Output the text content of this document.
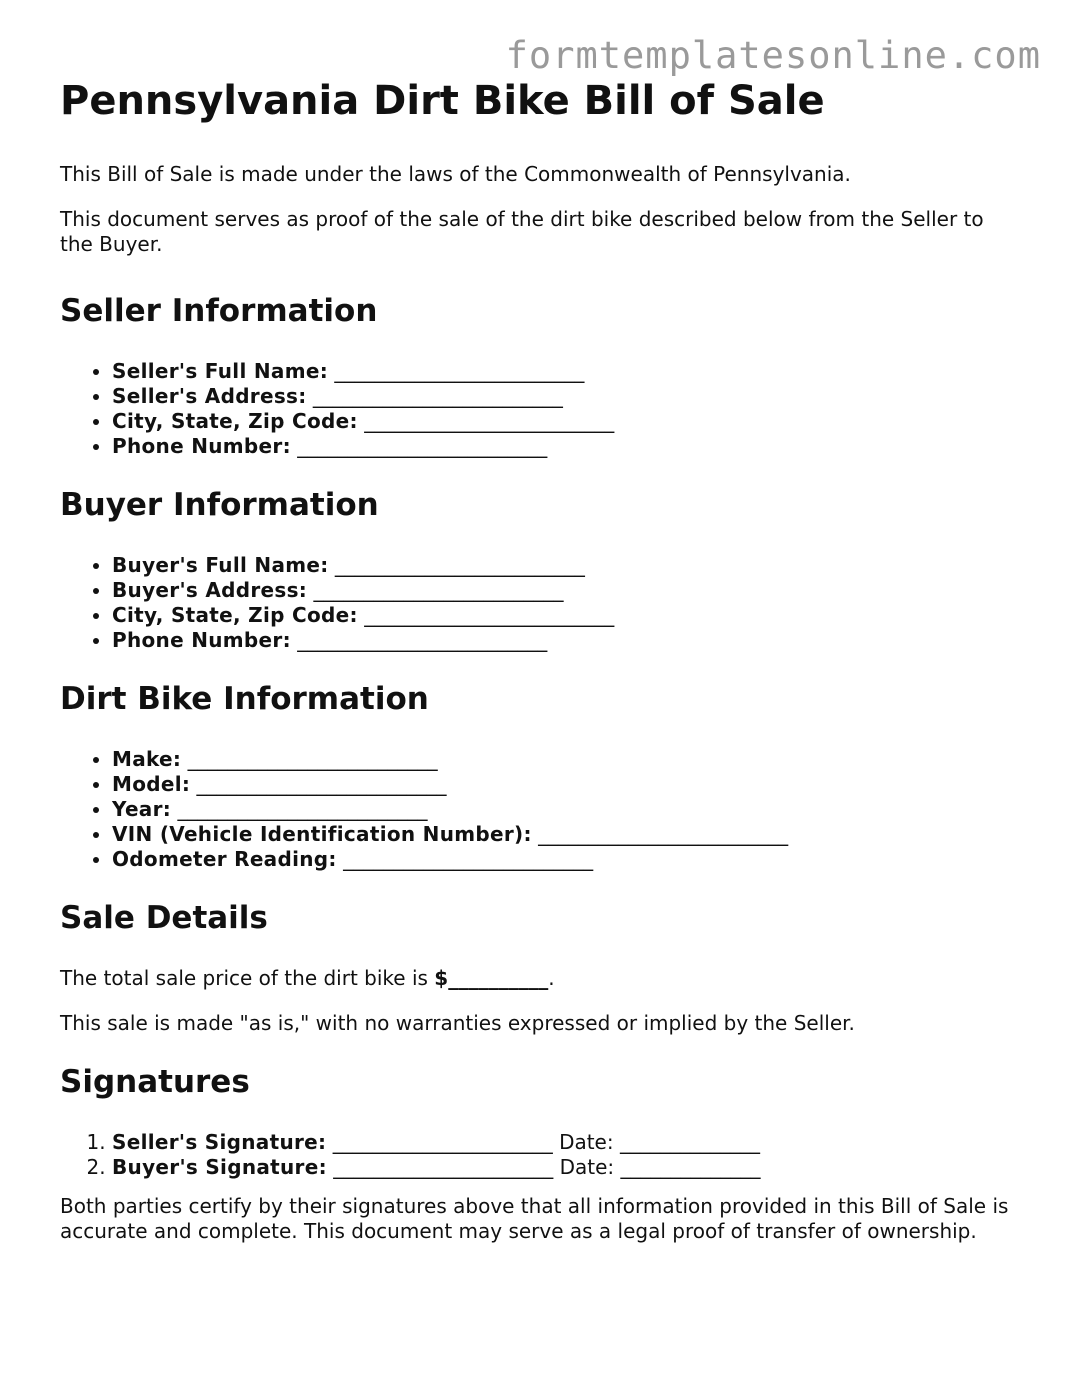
formtemplatesonline.com
Pennsylvania Dirt Bike Bill of Sale

This Bill of Sale is made under the laws of the Commonwealth of Pennsylvania.

This document serves as proof of the sale of the dirt bike described below from the Seller to the Buyer.

Seller Information
• Seller's Full Name: _________________________
• Seller's Address: _________________________
• City, State, Zip Code: _________________________
• Phone Number: _________________________
Buyer Information
• Buyer's Full Name: _________________________
• Buyer's Address: _________________________
• City, State, Zip Code: _________________________
• Phone Number: _________________________
Dirt Bike Information
• Make: _________________________
• Model: _________________________
• Year: _________________________
• VIN (Vehicle Identification Number): _________________________
• Odometer Reading: _________________________
Sale Details

The total sale price of the dirt bike is $__________.

This sale is made "as is," with no warranties expressed or implied by the Seller.

Signatures
1. Seller's Signature: ______________________ Date: ______________
2. Buyer's Signature: ______________________ Date: ______________

Both parties certify by their signatures above that all information provided in this Bill of Sale is accurate and complete. This document may serve as a legal proof of transfer of ownership.
